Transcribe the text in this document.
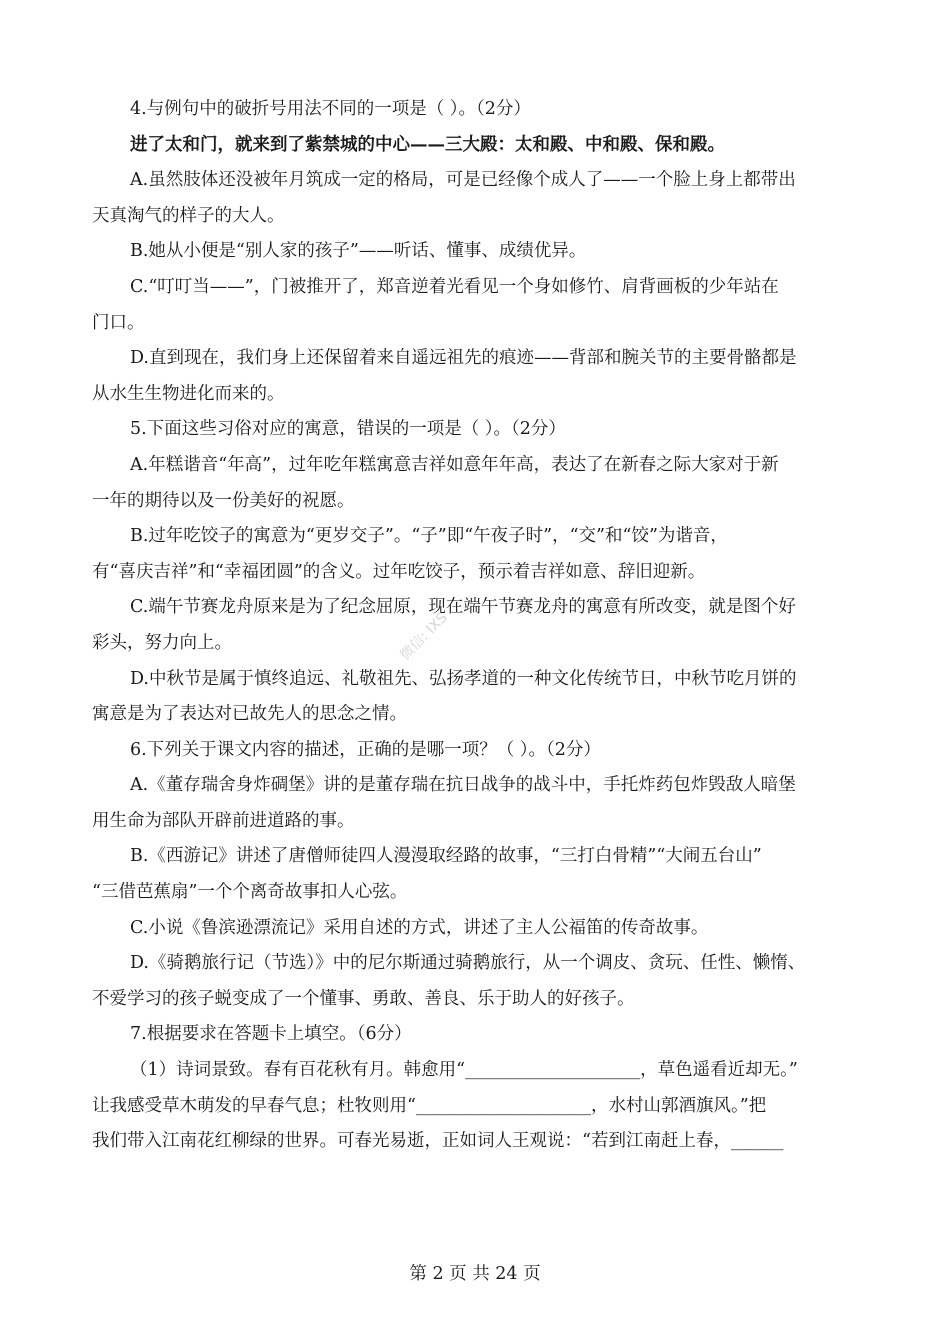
4.与例句中的破折号用法不同的一项是（ ）。（2分）
进了太和门，就来到了紫禁城的中心——三大殿：太和殿、中和殿、保和殿。
A.虽然肢体还没被年月筑成一定的格局，可是已经像个成人了——一个脸上身上都带出
天真淘气的样子的大人。
B.她从小便是“别人家的孩子”——听话、懂事、成绩优异。
C.“叮叮当——”，门被推开了，郑音逆着光看见一个身如修竹、肩背画板的少年站在
门口。
D.直到现在，我们身上还保留着来自遥远祖先的痕迹——背部和腕关节的主要骨骼都是
从水生生物进化而来的。
5.下面这些习俗对应的寓意，错误的一项是（ ）。（2分）
A.年糕谐音“年高”，过年吃年糕寓意吉祥如意年年高，表达了在新春之际大家对于新
一年的期待以及一份美好的祝愿。
B.过年吃饺子的寓意为“更岁交子”。“子”即“午夜子时”，“交”和“饺”为谐音，
有“喜庆吉祥”和“幸福团圆”的含义。过年吃饺子，预示着吉祥如意、辞旧迎新。
C.端午节赛龙舟原来是为了纪念屈原，现在端午节赛龙舟的寓意有所改变，就是图个好
彩头，努力向上。
D.中秋节是属于慎终追远、礼敬祖先、弘扬孝道的一种文化传统节日，中秋节吃月饼的
寓意是为了表达对已故先人的思念之情。
6.下列关于课文内容的描述，正确的是哪一项？（ ）。（2分）
A.《董存瑞舍身炸碉堡》讲的是董存瑞在抗日战争的战斗中，手托炸药包炸毁敌人暗堡
用生命为部队开辟前进道路的事。
B.《西游记》讲述了唐僧师徒四人漫漫取经路的故事，“三打白骨精”“大闹五台山”
“三借芭蕉扇”一个个离奇故事扣人心弦。
C.小说《鲁滨逊漂流记》采用自述的方式，讲述了主人公福笛的传奇故事。
D.《骑鹅旅行记（节选）》中的尼尔斯通过骑鹅旅行，从一个调皮、贪玩、任性、懒惰、
不爱学习的孩子蜕变成了一个懂事、勇敢、善良、乐于助人的好孩子。
7.根据要求在答题卡上填空。（6分）
（1）诗词景致。春有百花秋有月。韩愈用“____________________，草色遥看近却无。”
让我感受草木萌发的早春气息；杜牧则用“____________________，水村山郭酒旗风。”把
我们带入江南花红柳绿的世界。可春光易逝，正如词人王观说：“若到江南赶上春，______
微信: IXS
第 2 页 共 24 页
